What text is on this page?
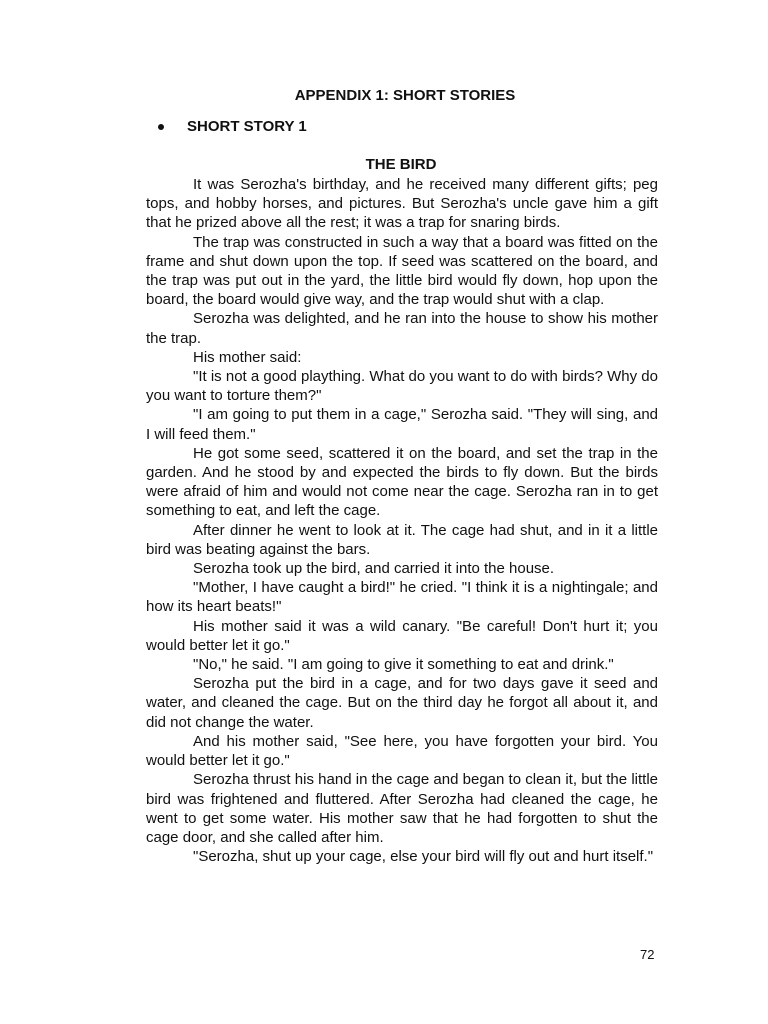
APPENDIX 1: SHORT STORIES
SHORT STORY 1
THE BIRD

It was Serozha's birthday, and he received many different gifts; peg tops, and hobby horses, and pictures. But Serozha's uncle gave him a gift that he prized above all the rest; it was a trap for snaring birds.

The trap was constructed in such a way that a board was fitted on the frame and shut down upon the top. If seed was scattered on the board, and the trap was put out in the yard, the little bird would fly down, hop upon the board, the board would give way, and the trap would shut with a clap.

Serozha was delighted, and he ran into the house to show his mother the trap.

His mother said:

"It is not a good plaything. What do you want to do with birds? Why do you want to torture them?"

"I am going to put them in a cage," Serozha said. "They will sing, and I will feed them."

He got some seed, scattered it on the board, and set the trap in the garden. And he stood by and expected the birds to fly down. But the birds were afraid of him and would not come near the cage. Serozha ran in to get something to eat, and left the cage.

After dinner he went to look at it. The cage had shut, and in it a little bird was beating against the bars.

Serozha took up the bird, and carried it into the house.

"Mother, I have caught a bird!" he cried. "I think it is a nightingale; and how its heart beats!"

His mother said it was a wild canary. "Be careful! Don't hurt it; you would better let it go."

"No," he said. "I am going to give it something to eat and drink."

Serozha put the bird in a cage, and for two days gave it seed and water, and cleaned the cage. But on the third day he forgot all about it, and did not change the water.

And his mother said, "See here, you have forgotten your bird. You would better let it go."

Serozha thrust his hand in the cage and began to clean it, but the little bird was frightened and fluttered. After Serozha had cleaned the cage, he went to get some water. His mother saw that he had forgotten to shut the cage door, and she called after him.

"Serozha, shut up your cage, else your bird will fly out and hurt itself."

72
